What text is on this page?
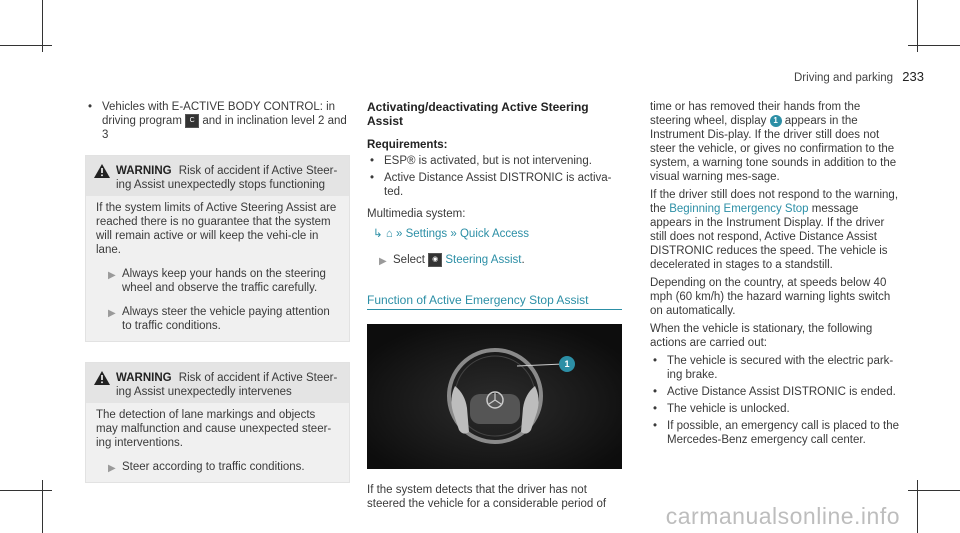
Driving and parking 233
• Vehicles with E-ACTIVE BODY CONTROL: in driving program C and in inclination level 2 and 3
WARNING Risk of accident if Active Steer-ing Assist unexpectedly stops functioning

If the system limits of Active Steering Assist are reached there is no guarantee that the system will remain active or will keep the vehi-cle in lane.

▶ Always keep your hands on the steering wheel and observe the traffic carefully.
▶ Always steer the vehicle paying attention to traffic conditions.
WARNING Risk of accident if Active Steer-ing Assist unexpectedly intervenes

The detection of lane markings and objects may malfunction and cause unexpected steer-ing interventions.

▶ Steer according to traffic conditions.
Activating/deactivating Active Steering Assist
Requirements:
• ESP® is activated, but is not intervening.
• Active Distance Assist DISTRONIC is activa-ted.

Multimedia system:

↳ ⌂ » Settings » Quick Access
▶ Select ◉ Steering Assist.
Function of Active Emergency Stop Assist
1

If the system detects that the driver has not steered the vehicle for a considerable period of

time or has removed their hands from the steering wheel, display 1 appears in the Instrument Dis-play. If the driver still does not steer the vehicle, or gives no confirmation to the system, a warning tone sounds in addition to the visual warning mes-sage.

If the driver still does not respond to the warning, the Beginning Emergency Stop message appears in the Instrument Display. If the driver still does not respond, Active Distance Assist DISTRONIC reduces the speed. The vehicle is decelerated in stages to a standstill.

Depending on the country, at speeds below 40 mph (60 km/h) the hazard warning lights switch on automatically.

When the vehicle is stationary, the following actions are carried out:

• The vehicle is secured with the electric park-ing brake.
• Active Distance Assist DISTRONIC is ended.
• The vehicle is unlocked.
• If possible, an emergency call is placed to the Mercedes-Benz emergency call center.
carmanualsonline.info
